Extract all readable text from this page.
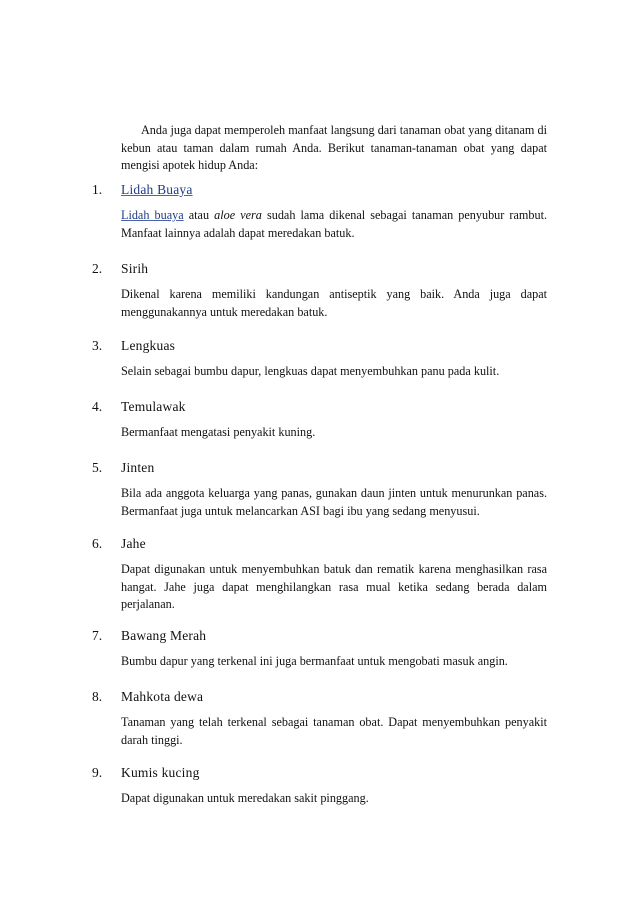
Anda juga dapat memperoleh manfaat langsung dari tanaman obat yang ditanam di kebun atau taman dalam rumah Anda. Berikut tanaman-tanaman obat yang dapat mengisi apotek hidup Anda:

1. Lidah Buaya

Lidah buaya atau aloe vera sudah lama dikenal sebagai tanaman penyubur rambut. Manfaat lainnya adalah dapat meredakan batuk.

2. Sirih

Dikenal karena memiliki kandungan antiseptik yang baik. Anda juga dapat menggunakannya untuk meredakan batuk.

3. Lengkuas

Selain sebagai bumbu dapur, lengkuas dapat menyembuhkan panu pada kulit.

4. Temulawak

Bermanfaat mengatasi penyakit kuning.

5. Jinten

Bila ada anggota keluarga yang panas, gunakan daun jinten untuk menurunkan panas. Bermanfaat juga untuk melancarkan ASI bagi ibu yang sedang menyusui.

6. Jahe

Dapat digunakan untuk menyembuhkan batuk dan rematik karena menghasilkan rasa hangat. Jahe juga dapat menghilangkan rasa mual ketika sedang berada dalam perjalanan.

7. Bawang Merah

Bumbu dapur yang terkenal ini juga bermanfaat untuk mengobati masuk angin.

8. Mahkota dewa

Tanaman yang telah terkenal sebagai tanaman obat. Dapat menyembuhkan penyakit darah tinggi.

9. Kumis kucing

Dapat digunakan untuk meredakan sakit pinggang.
